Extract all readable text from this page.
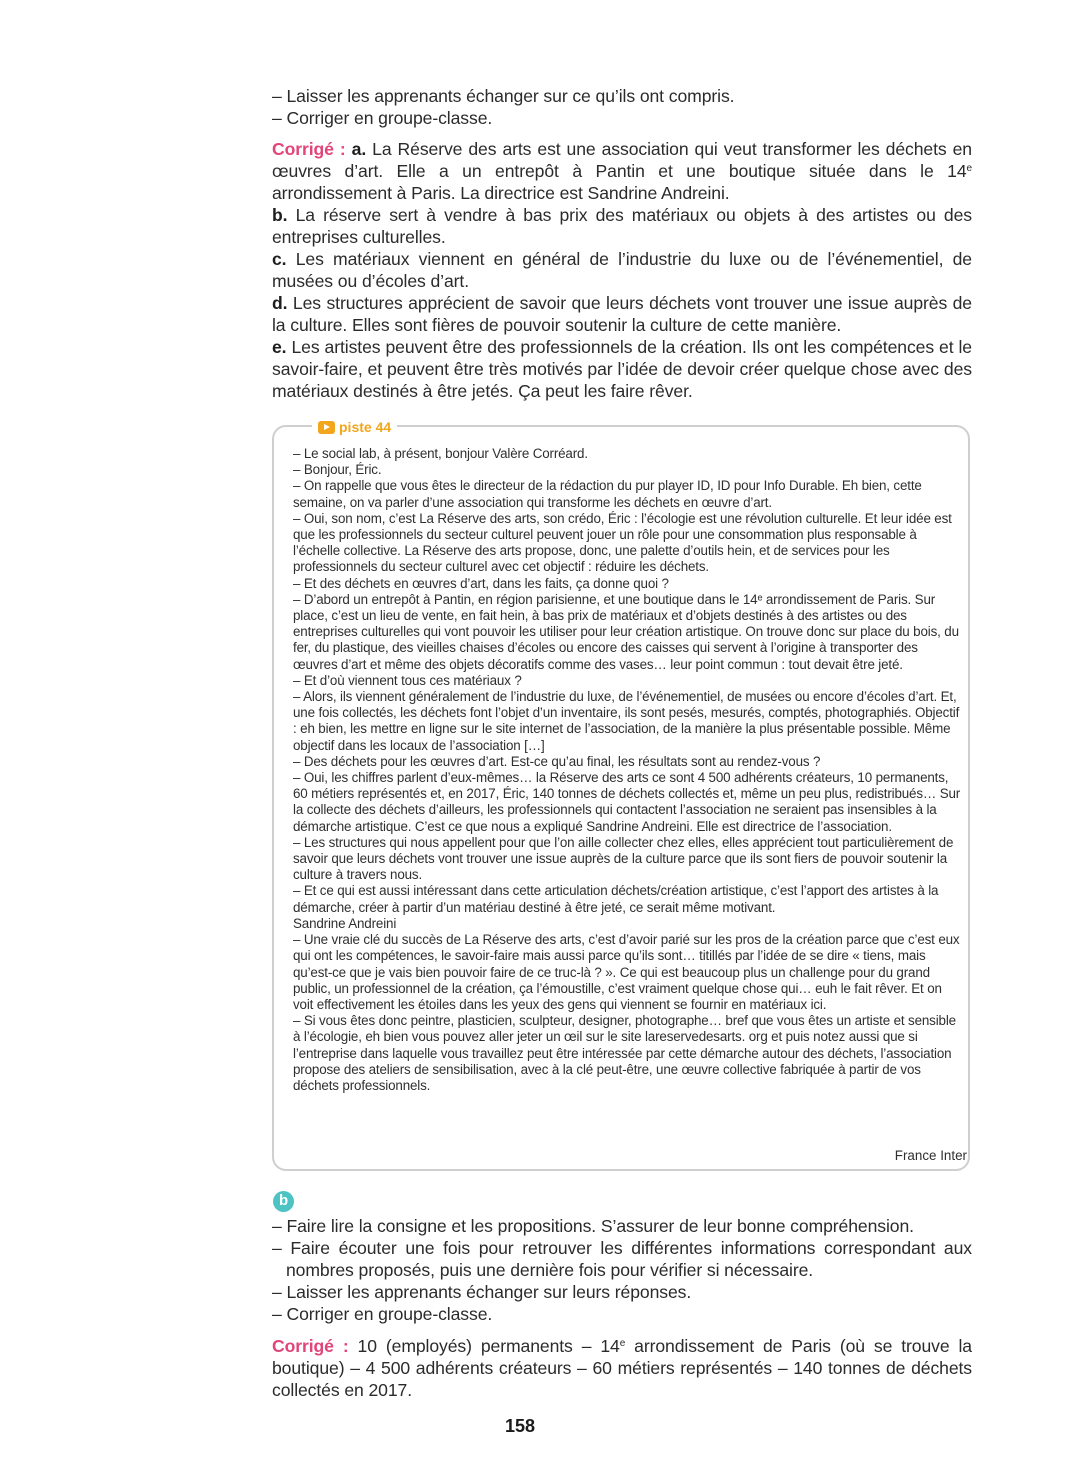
– Laisser les apprenants échanger sur ce qu’ils ont compris.

– Corriger en groupe-classe.

Corrigé : a. La Réserve des arts est une association qui veut transformer les déchets en œuvres d’art. Elle a un entrepôt à Pantin et une boutique située dans le 14e arrondissement à Paris. La directrice est Sandrine Andreini.

b. La réserve sert à vendre à bas prix des matériaux ou objets à des artistes ou des entreprises culturelles.

c. Les matériaux viennent en général de l’industrie du luxe ou de l’événementiel, de musées ou d’écoles d’art.

d. Les structures apprécient de savoir que leurs déchets vont trouver une issue auprès de la culture. Elles sont fières de pouvoir soutenir la culture de cette manière.

e. Les artistes peuvent être des professionnels de la création. Ils ont les compétences et le savoir-faire, et peuvent être très motivés par l’idée de devoir créer quelque chose avec des matériaux destinés à être jetés. Ça peut les faire rêver.

piste 44

– Le social lab, à présent, bonjour Valère Corréard.

– Bonjour, Éric.

– On rappelle que vous êtes le directeur de la rédaction du pur player ID, ID pour Info Durable. Eh bien, cette semaine, on va parler d’une association qui transforme les déchets en œuvre d’art.

– Oui, son nom, c’est La Réserve des arts, son crédo, Éric : l’écologie est une révolution culturelle. Et leur idée est que les professionnels du secteur culturel peuvent jouer un rôle pour une consommation plus responsable à l’échelle collective. La Réserve des arts propose, donc, une palette d’outils hein, et de services pour les professionnels du secteur culturel avec cet objectif : réduire les déchets.

– Et des déchets en œuvres d’art, dans les faits, ça donne quoi ?

– D’abord un entrepôt à Pantin, en région parisienne, et une boutique dans le 14ᵉ arrondissement de Paris. Sur place, c’est un lieu de vente, en fait hein, à bas prix de matériaux et d’objets destinés à des artistes ou des entreprises culturelles qui vont pouvoir les utiliser pour leur création artistique. On trouve donc sur place du bois, du fer, du plastique, des vieilles chaises d’écoles ou encore des caisses qui servent à l’origine à transporter des œuvres d’art et même des objets décoratifs comme des vases… leur point commun : tout devait être jeté.

– Et d’où viennent tous ces matériaux ?

– Alors, ils viennent généralement de l’industrie du luxe, de l’événementiel, de musées ou encore d’écoles d’art. Et, une fois collectés, les déchets font l’objet d’un inventaire, ils sont pesés, mesurés, comptés, photographiés. Objectif : eh bien, les mettre en ligne sur le site internet de l’association, de la manière la plus présentable possible. Même objectif dans les locaux de l’association […]

– Des déchets pour les œuvres d’art. Est-ce qu’au final, les résultats sont au rendez-vous ?

– Oui, les chiffres parlent d’eux-mêmes… la Réserve des arts ce sont 4 500 adhérents créateurs, 10 permanents, 60 métiers représentés et, en 2017, Éric, 140 tonnes de déchets collectés et, même un peu plus, redistribués… Sur la collecte des déchets d’ailleurs, les professionnels qui contactent l’association ne seraient pas insensibles à la démarche artistique. C’est ce que nous a expliqué Sandrine Andreini. Elle est directrice de l’association.

– Les structures qui nous appellent pour que l’on aille collecter chez elles, elles apprécient tout particulièrement de savoir que leurs déchets vont trouver une issue auprès de la culture parce que ils sont fiers de pouvoir soutenir la culture à travers nous.

– Et ce qui est aussi intéressant dans cette articulation déchets/création artistique, c’est l’apport des artistes à la démarche, créer à partir d’un matériau destiné à être jeté, ce serait même motivant.

Sandrine Andreini

– Une vraie clé du succès de La Réserve des arts, c’est d’avoir parié sur les pros de la création parce que c’est eux qui ont les compétences, le savoir-faire mais aussi parce qu’ils sont… titillés par l’idée de se dire « tiens, mais qu’est-ce que je vais bien pouvoir faire de ce truc-là ? ». Ce qui est beaucoup plus un challenge pour du grand public, un professionnel de la création, ça l’émoustille, c’est vraiment quelque chose qui… euh le fait rêver. Et on voit effectivement les étoiles dans les yeux des gens qui viennent se fournir en matériaux ici.

– Si vous êtes donc peintre, plasticien, sculpteur, designer, photographe… bref que vous êtes un artiste et sensible à l’écologie, eh bien vous pouvez aller jeter un œil sur le site lareservedesarts. org et puis notez aussi que si l’entreprise dans laquelle vous travaillez peut être intéressée par cette démarche autour des déchets, l’association propose des ateliers de sensibilisation, avec à la clé peut-être, une œuvre collective fabriquée à partir de vos déchets professionnels.

France Inter
b

– Faire lire la consigne et les propositions. S’assurer de leur bonne compréhension.

– Faire écouter une fois pour retrouver les différentes informations correspondant aux nombres proposés, puis une dernière fois pour vérifier si nécessaire.

– Laisser les apprenants échanger sur leurs réponses.

– Corriger en groupe-classe.

Corrigé : 10 (employés) permanents – 14e arrondissement de Paris (où se trouve la boutique) – 4 500 adhérents créateurs – 60 métiers représentés – 140 tonnes de déchets collectés en 2017.

158
